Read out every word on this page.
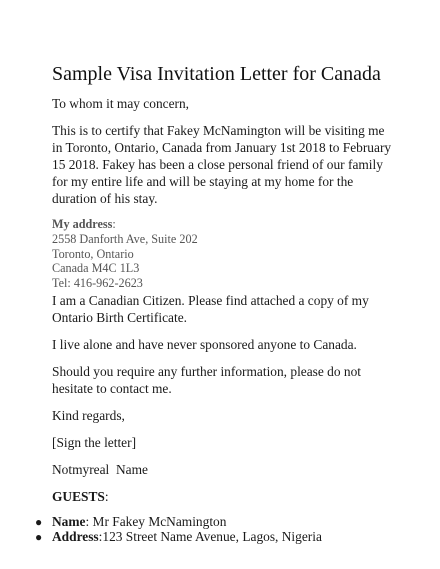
Sample Visa Invitation Letter for Canada

To whom it may concern,

This is to certify that Fakey McNamington will be visiting me in Toronto, Ontario, Canada from January 1st 2018 to February 15 2018. Fakey has been a close personal friend of our family for my entire life and will be staying at my home for the duration of his stay.

My address:
2558 Danforth Ave, Suite 202
Toronto, Ontario
Canada M4C 1L3
Tel: 416-962-2623

I am a Canadian Citizen. Please find attached a copy of my Ontario Birth Certificate.

I live alone and have never sponsored anyone to Canada.

Should you require any further information, please do not hesitate to contact me.

Kind regards,

[Sign the letter]

Notmyreal  Name

GUESTS:
● Name: Mr Fakey McNamington
● Address:123 Street Name Avenue, Lagos, Nigeria
